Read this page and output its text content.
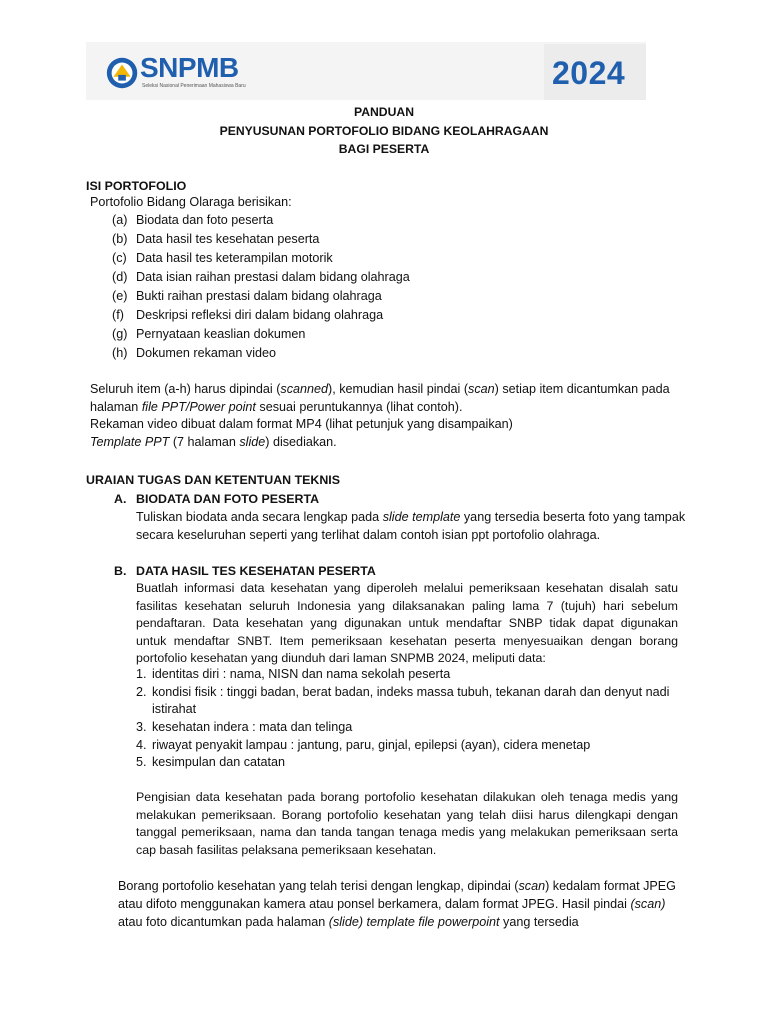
SNPMB
Seleksi Nasional Penerimaan Mahasiswa Baru	2024
PANDUAN
PENYUSUNAN PORTOFOLIO BIDANG KEOLAHRAGAAN
BAGI PESERTA
ISI PORTOFOLIO
Portofolio Bidang Olaraga berisikan:
(a) Biodata dan foto peserta
(b) Data hasil tes kesehatan peserta
(c) Data hasil tes keterampilan motorik
(d) Data isian raihan prestasi dalam bidang olahraga
(e) Bukti raihan prestasi dalam bidang olahraga
(f) Deskripsi refleksi diri dalam bidang olahraga
(g) Pernyataan keaslian dokumen
(h) Dokumen rekaman video
Seluruh item (a-h) harus dipindai (scanned), kemudian hasil pindai (scan) setiap item dicantumkan pada
halaman file PPT/Power point sesuai peruntukannya (lihat contoh).
Rekaman video dibuat dalam format MP4 (lihat petunjuk yang disampaikan)
Template PPT (7 halaman slide) disediakan.
URAIAN TUGAS DAN KETENTUAN TEKNIS
A. BIODATA DAN FOTO PESERTA
Tuliskan biodata anda secara lengkap pada slide template yang tersedia beserta foto yang tampak
secara keseluruhan seperti yang terlihat dalam contoh isian ppt portofolio olahraga.
B. DATA HASIL TES KESEHATAN PESERTA
Buatlah informasi data kesehatan yang diperoleh melalui pemeriksaan kesehatan disalah satu
fasilitas kesehatan seluruh Indonesia yang dilaksanakan paling lama 7 (tujuh) hari sebelum
pendaftaran. Data kesehatan yang digunakan untuk mendaftar SNBP tidak dapat digunakan
untuk mendaftar SNBT. Item pemeriksaan kesehatan peserta menyesuaikan dengan borang
portofolio kesehatan yang diunduh dari laman SNPMB 2024, meliputi data:
1. identitas diri : nama, NISN dan nama sekolah peserta
2. kondisi fisik : tinggi badan, berat badan, indeks massa tubuh, tekanan darah dan denyut nadi
istirahat
3. kesehatan indera : mata dan telinga
4. riwayat penyakit lampau : jantung, paru, ginjal, epilepsi (ayan), cidera menetap
5. kesimpulan dan catatan
Pengisian data kesehatan pada borang portofolio kesehatan dilakukan oleh tenaga medis yang
melakukan pemeriksaan. Borang portofolio kesehatan yang telah diisi harus dilengkapi dengan
tanggal pemeriksaan, nama dan tanda tangan tenaga medis yang melakukan pemeriksaan serta
cap basah fasilitas pelaksana pemeriksaan kesehatan.
Borang portofolio kesehatan yang telah terisi dengan lengkap, dipindai (scan) kedalam format JPEG
atau difoto menggunakan kamera atau ponsel berkamera, dalam format JPEG. Hasil pindai (scan)
atau foto dicantumkan pada halaman (slide) template file powerpoint yang tersedia
